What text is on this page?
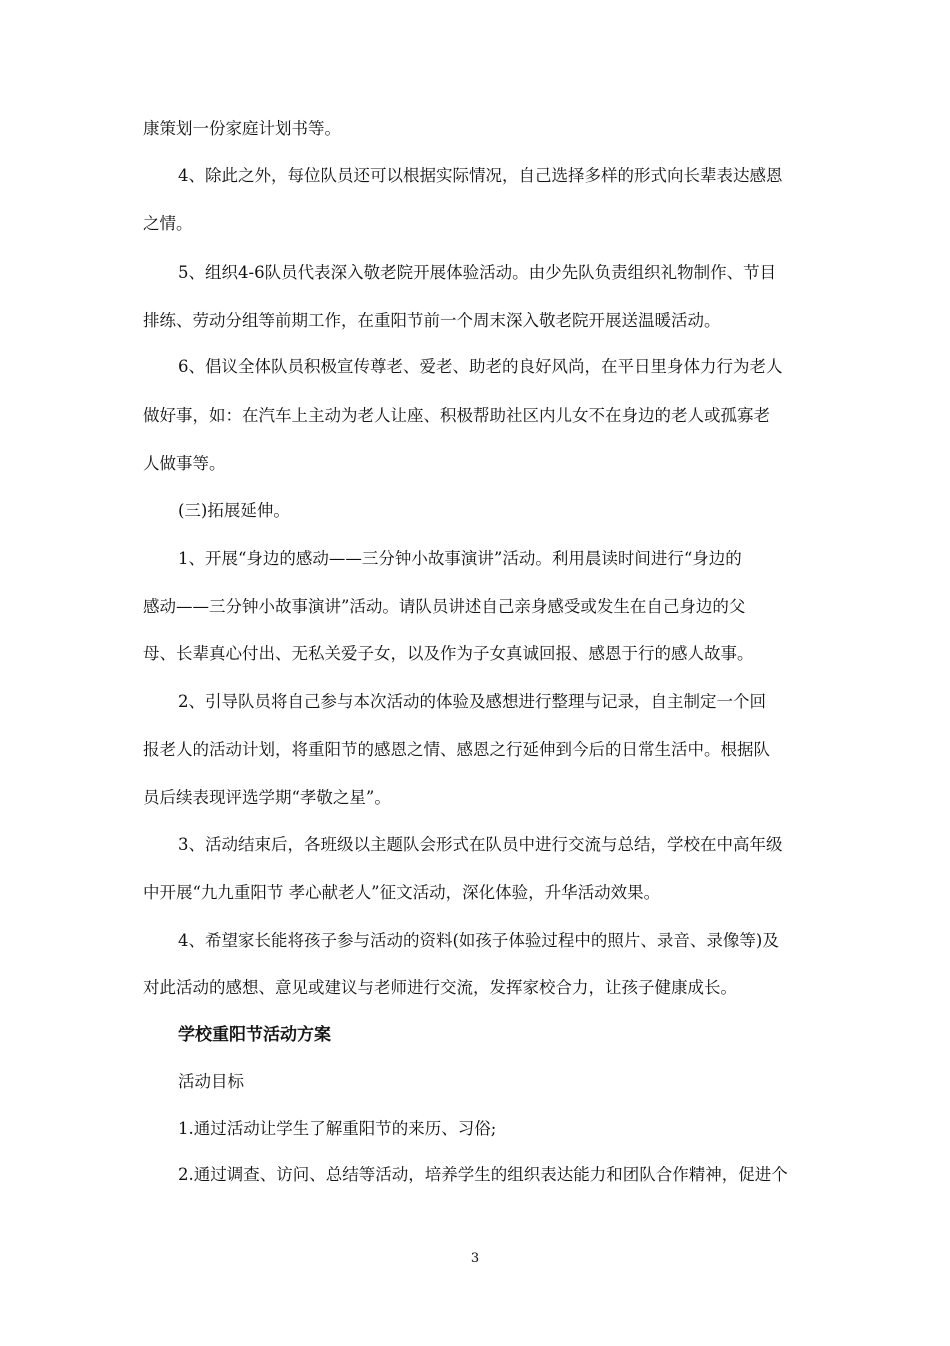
康策划一份家庭计划书等。
4、除此之外，每位队员还可以根据实际情况，自己选择多样的形式向长辈表达感恩
之情。
5、组织4-6队员代表深入敬老院开展体验活动。由少先队负责组织礼物制作、节目
排练、劳动分组等前期工作，在重阳节前一个周末深入敬老院开展送温暖活动。
6、倡议全体队员积极宣传尊老、爱老、助老的良好风尚，在平日里身体力行为老人
做好事，如：在汽车上主动为老人让座、积极帮助社区内儿女不在身边的老人或孤寡老
人做事等。
(三)拓展延伸。
1、开展“身边的感动——三分钟小故事演讲”活动。利用晨读时间进行“身边的
感动——三分钟小故事演讲”活动。请队员讲述自己亲身感受或发生在自己身边的父
母、长辈真心付出、无私关爱子女，以及作为子女真诚回报、感恩于行的感人故事。
2、引导队员将自己参与本次活动的体验及感想进行整理与记录，自主制定一个回
报老人的活动计划，将重阳节的感恩之情、感恩之行延伸到今后的日常生活中。根据队
员后续表现评选学期“孝敬之星”。
3、活动结束后，各班级以主题队会形式在队员中进行交流与总结，学校在中高年级
中开展“九九重阳节 孝心献老人”征文活动，深化体验，升华活动效果。
4、希望家长能将孩子参与活动的资料(如孩子体验过程中的照片、录音、录像等)及
对此活动的感想、意见或建议与老师进行交流，发挥家校合力，让孩子健康成长。
学校重阳节活动方案
活动目标
1.通过活动让学生了解重阳节的来历、习俗;
2.通过调查、访问、总结等活动，培养学生的组织表达能力和团队合作精神，促进个
3
